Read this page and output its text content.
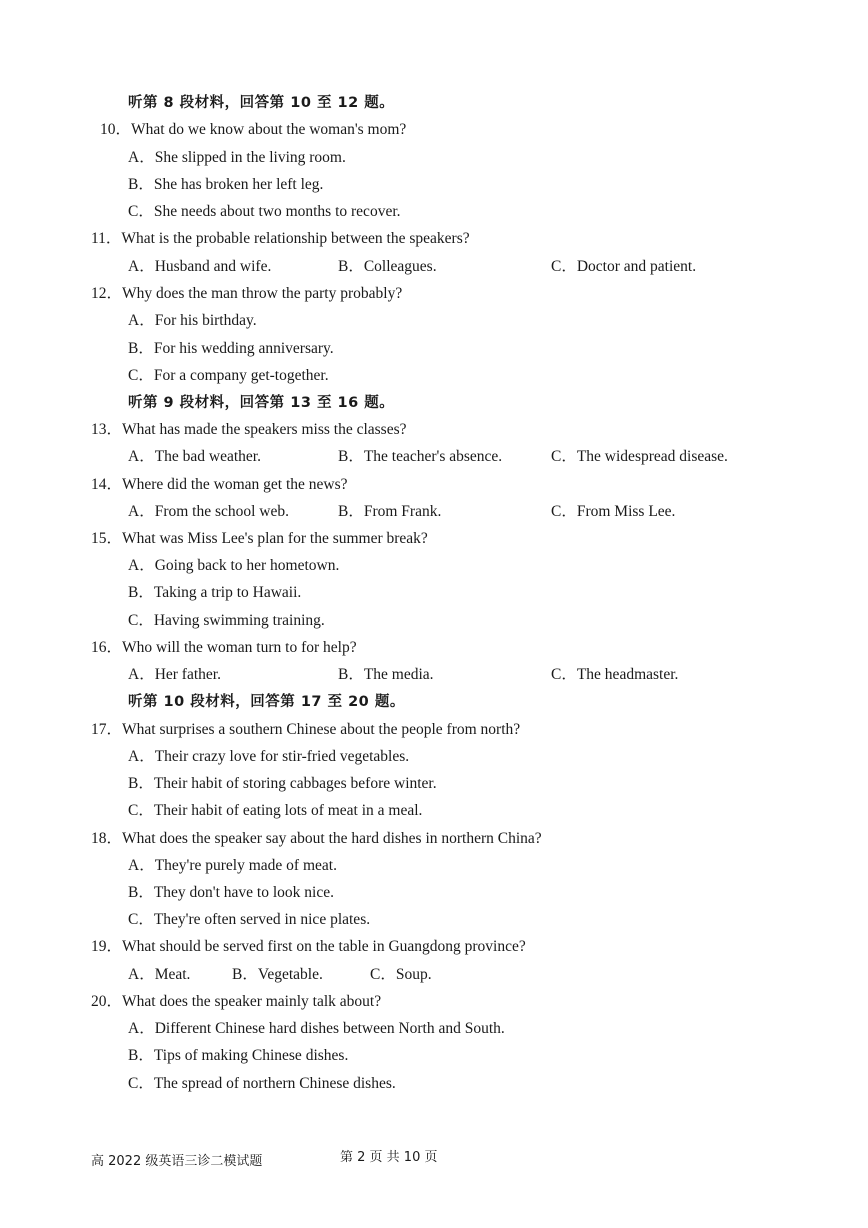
听第 8 段材料，回答第 10 至 12 题。
10．What do we know about the woman's mom?
A．She slipped in the living room.
B．She has broken her left leg.
C．She needs about two months to recover.
11．What is the probable relationship between the speakers?
A．Husband and wife.	B．Colleagues.	C．Doctor and patient.
12．Why does the man throw the party probably?
A．For his birthday.
B．For his wedding anniversary.
C．For a company get-together.
听第 9 段材料，回答第 13 至 16 题。
13．What has made the speakers miss the classes?
A．The bad weather.	B．The teacher's absence.	C．The widespread disease.
14．Where did the woman get the news?
A．From the school web.	B．From Frank.	C．From Miss Lee.
15．What was Miss Lee's plan for the summer break?
A．Going back to her hometown.
B．Taking a trip to Hawaii.
C．Having swimming training.
16．Who will the woman turn to for help?
A．Her father.	B．The media.	C．The headmaster.
听第 10 段材料，回答第 17 至 20 题。
17．What surprises a southern Chinese about the people from north?
A．Their crazy love for stir-fried vegetables.
B．Their habit of storing cabbages before winter.
C．Their habit of eating lots of meat in a meal.
18．What does the speaker say about the hard dishes in northern China?
A．They're purely made of meat.
B．They don't have to look nice.
C．They're often served in nice plates.
19．What should be served first on the table in Guangdong province?
A．Meat.	B．Vegetable.	C．Soup.
20．What does the speaker mainly talk about?
A．Different Chinese hard dishes between North and South.
B．Tips of making Chinese dishes.
C．The spread of northern Chinese dishes.
高 2022 级英语三诊二模试题	第 2 页 共 10 页
